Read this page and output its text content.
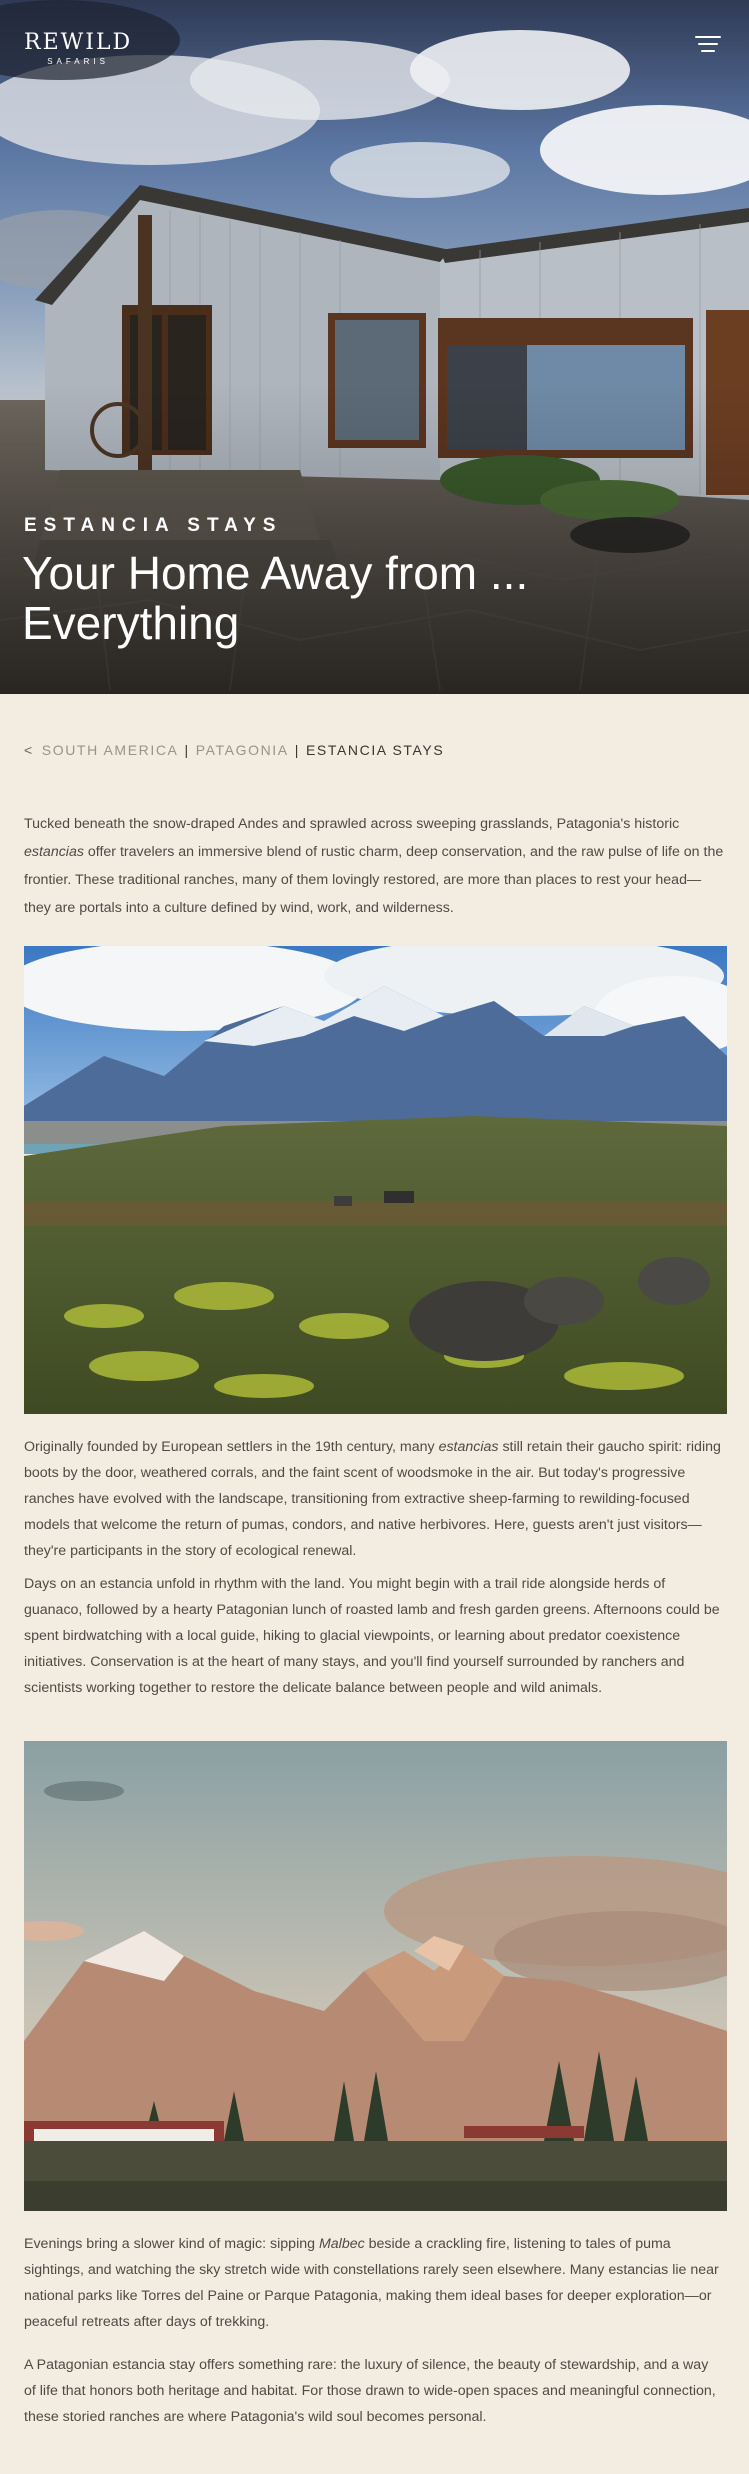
REWILD
SAFARIS
ESTANCIA STAYS
Your Home Away from ...
Everything
< SOUTH AMERICA | PATAGONIA | ESTANCIA STAYS

Tucked beneath the snow-draped Andes and sprawled across sweeping grasslands, Patagonia's historic estancias offer travelers an immersive blend of rustic charm, deep conservation, and the raw pulse of life on the frontier. These traditional ranches, many of them lovingly restored, are more than places to rest your head—they are portals into a culture defined by wind, work, and wilderness.

Originally founded by European settlers in the 19th century, many estancias still retain their gaucho spirit: riding boots by the door, weathered corrals, and the faint scent of woodsmoke in the air. But today's progressive ranches have evolved with the landscape, transitioning from extractive sheep-farming to rewilding-focused models that welcome the return of pumas, condors, and native herbivores. Here, guests aren't just visitors—they're participants in the story of ecological renewal.

Days on an estancia unfold in rhythm with the land. You might begin with a trail ride alongside herds of guanaco, followed by a hearty Patagonian lunch of roasted lamb and fresh garden greens. Afternoons could be spent birdwatching with a local guide, hiking to glacial viewpoints, or learning about predator coexistence initiatives. Conservation is at the heart of many stays, and you'll find yourself surrounded by ranchers and scientists working together to restore the delicate balance between people and wild animals.

Evenings bring a slower kind of magic: sipping Malbec beside a crackling fire, listening to tales of puma sightings, and watching the sky stretch wide with constellations rarely seen elsewhere. Many estancias lie near national parks like Torres del Paine or Parque Patagonia, making them ideal bases for deeper exploration—or peaceful retreats after days of trekking.

A Patagonian estancia stay offers something rare: the luxury of silence, the beauty of stewardship, and a way of life that honors both heritage and habitat. For those drawn to wide-open spaces and meaningful connection, these storied ranches are where Patagonia's wild soul becomes personal.
